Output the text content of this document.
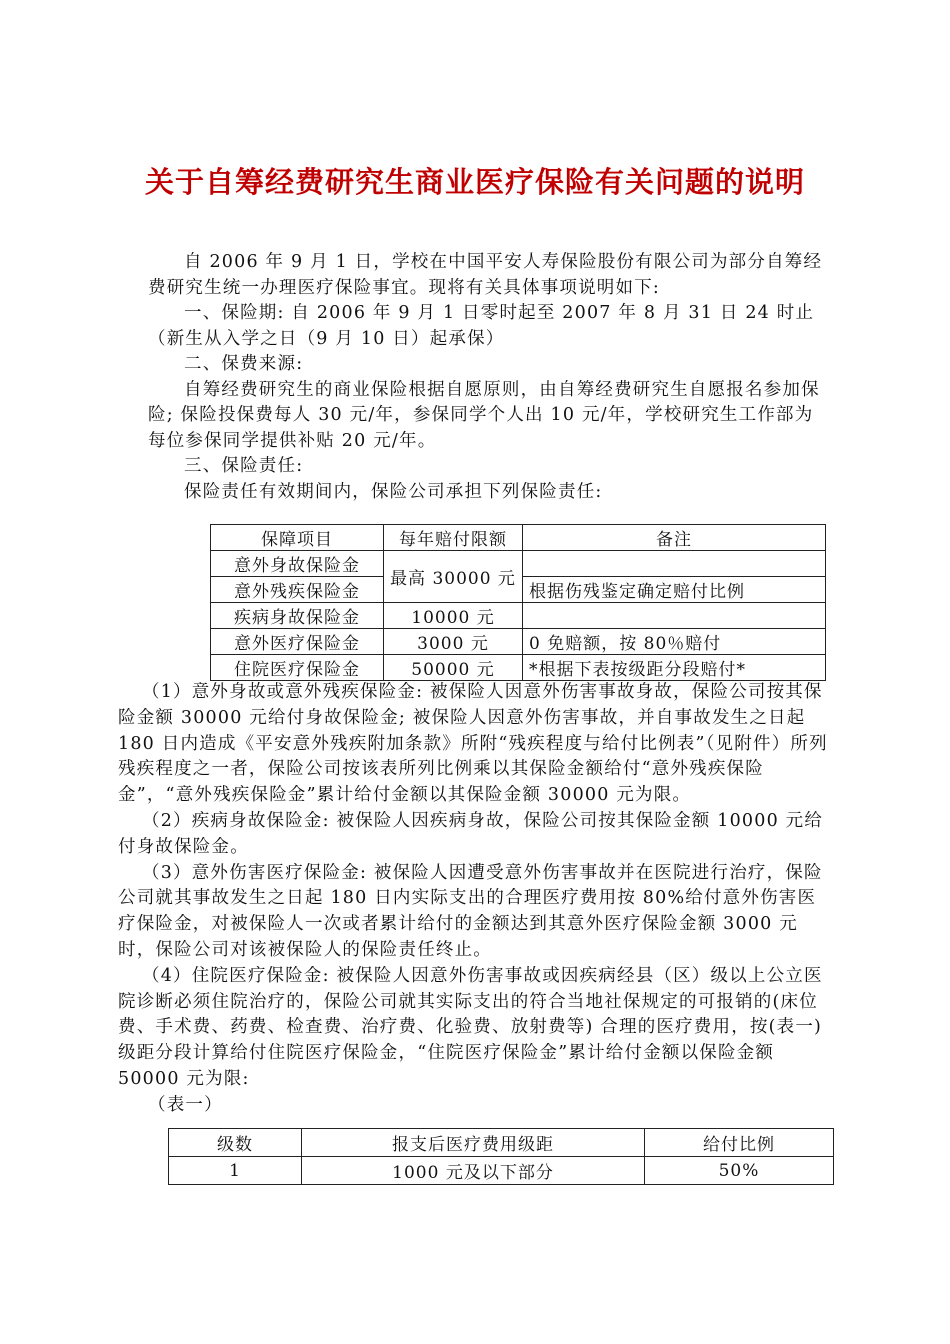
关于自筹经费研究生商业医疗保险有关问题的说明

自 2006 年 9 月 1 日，学校在中国平安人寿保险股份有限公司为部分自筹经费研究生统一办理医疗保险事宜。现将有关具体事项说明如下:

一、保险期: 自 2006 年 9 月 1 日零时起至 2007 年 8 月 31 日 24 时止（新生从入学之日（9 月 10 日）起承保）

二、保费来源:

自筹经费研究生的商业保险根据自愿原则，由自筹经费研究生自愿报名参加保险; 保险投保费每人 30 元/年，参保同学个人出 10 元/年，学校研究生工作部为每位参保同学提供补贴 20 元/年。

三、保险责任:

保险责任有效期间内，保险公司承担下列保险责任:

保障项目	每年赔付限额	备注
意外身故保险金	最高 30000 元	
意外残疾保险金		根据伤残鉴定确定赔付比例
疾病身故保险金	10000 元	
意外医疗保险金	3000 元	0 免赔额，按 80％赔付
住院医疗保险金	50000 元	*根据下表按级距分段赔付*

（1）意外身故或意外残疾保险金: 被保险人因意外伤害事故身故，保险公司按其保险金额 30000 元给付身故保险金; 被保险人因意外伤害事故，并自事故发生之日起 180 日内造成《平安意外残疾附加条款》所附“残疾程度与给付比例表”（见附件）所列残疾程度之一者，保险公司按该表所列比例乘以其保险金额给付“意外残疾保险金”，“意外残疾保险金”累计给付金额以其保险金额 30000 元为限。

（2）疾病身故保险金: 被保险人因疾病身故，保险公司按其保险金额 10000 元给付身故保险金。

（3）意外伤害医疗保险金: 被保险人因遭受意外伤害事故并在医院进行治疗，保险公司就其事故发生之日起 180 日内实际支出的合理医疗费用按 80%给付意外伤害医疗保险金，对被保险人一次或者累计给付的金额达到其意外医疗保险金额 3000 元时，保险公司对该被保险人的保险责任终止。

（4）住院医疗保险金: 被保险人因意外伤害事故或因疾病经县（区）级以上公立医院诊断必须住院治疗的，保险公司就其实际支出的符合当地社保规定的可报销的(床位费、手术费、药费、检查费、治疗费、化验费、放射费等) 合理的医疗费用，按(表一) 级距分段计算给付住院医疗保险金，“住院医疗保险金”累计给付金额以保险金额 50000 元为限:

（表一）

级数	报支后医疗费用级距	给付比例
1	1000 元及以下部分	50%
